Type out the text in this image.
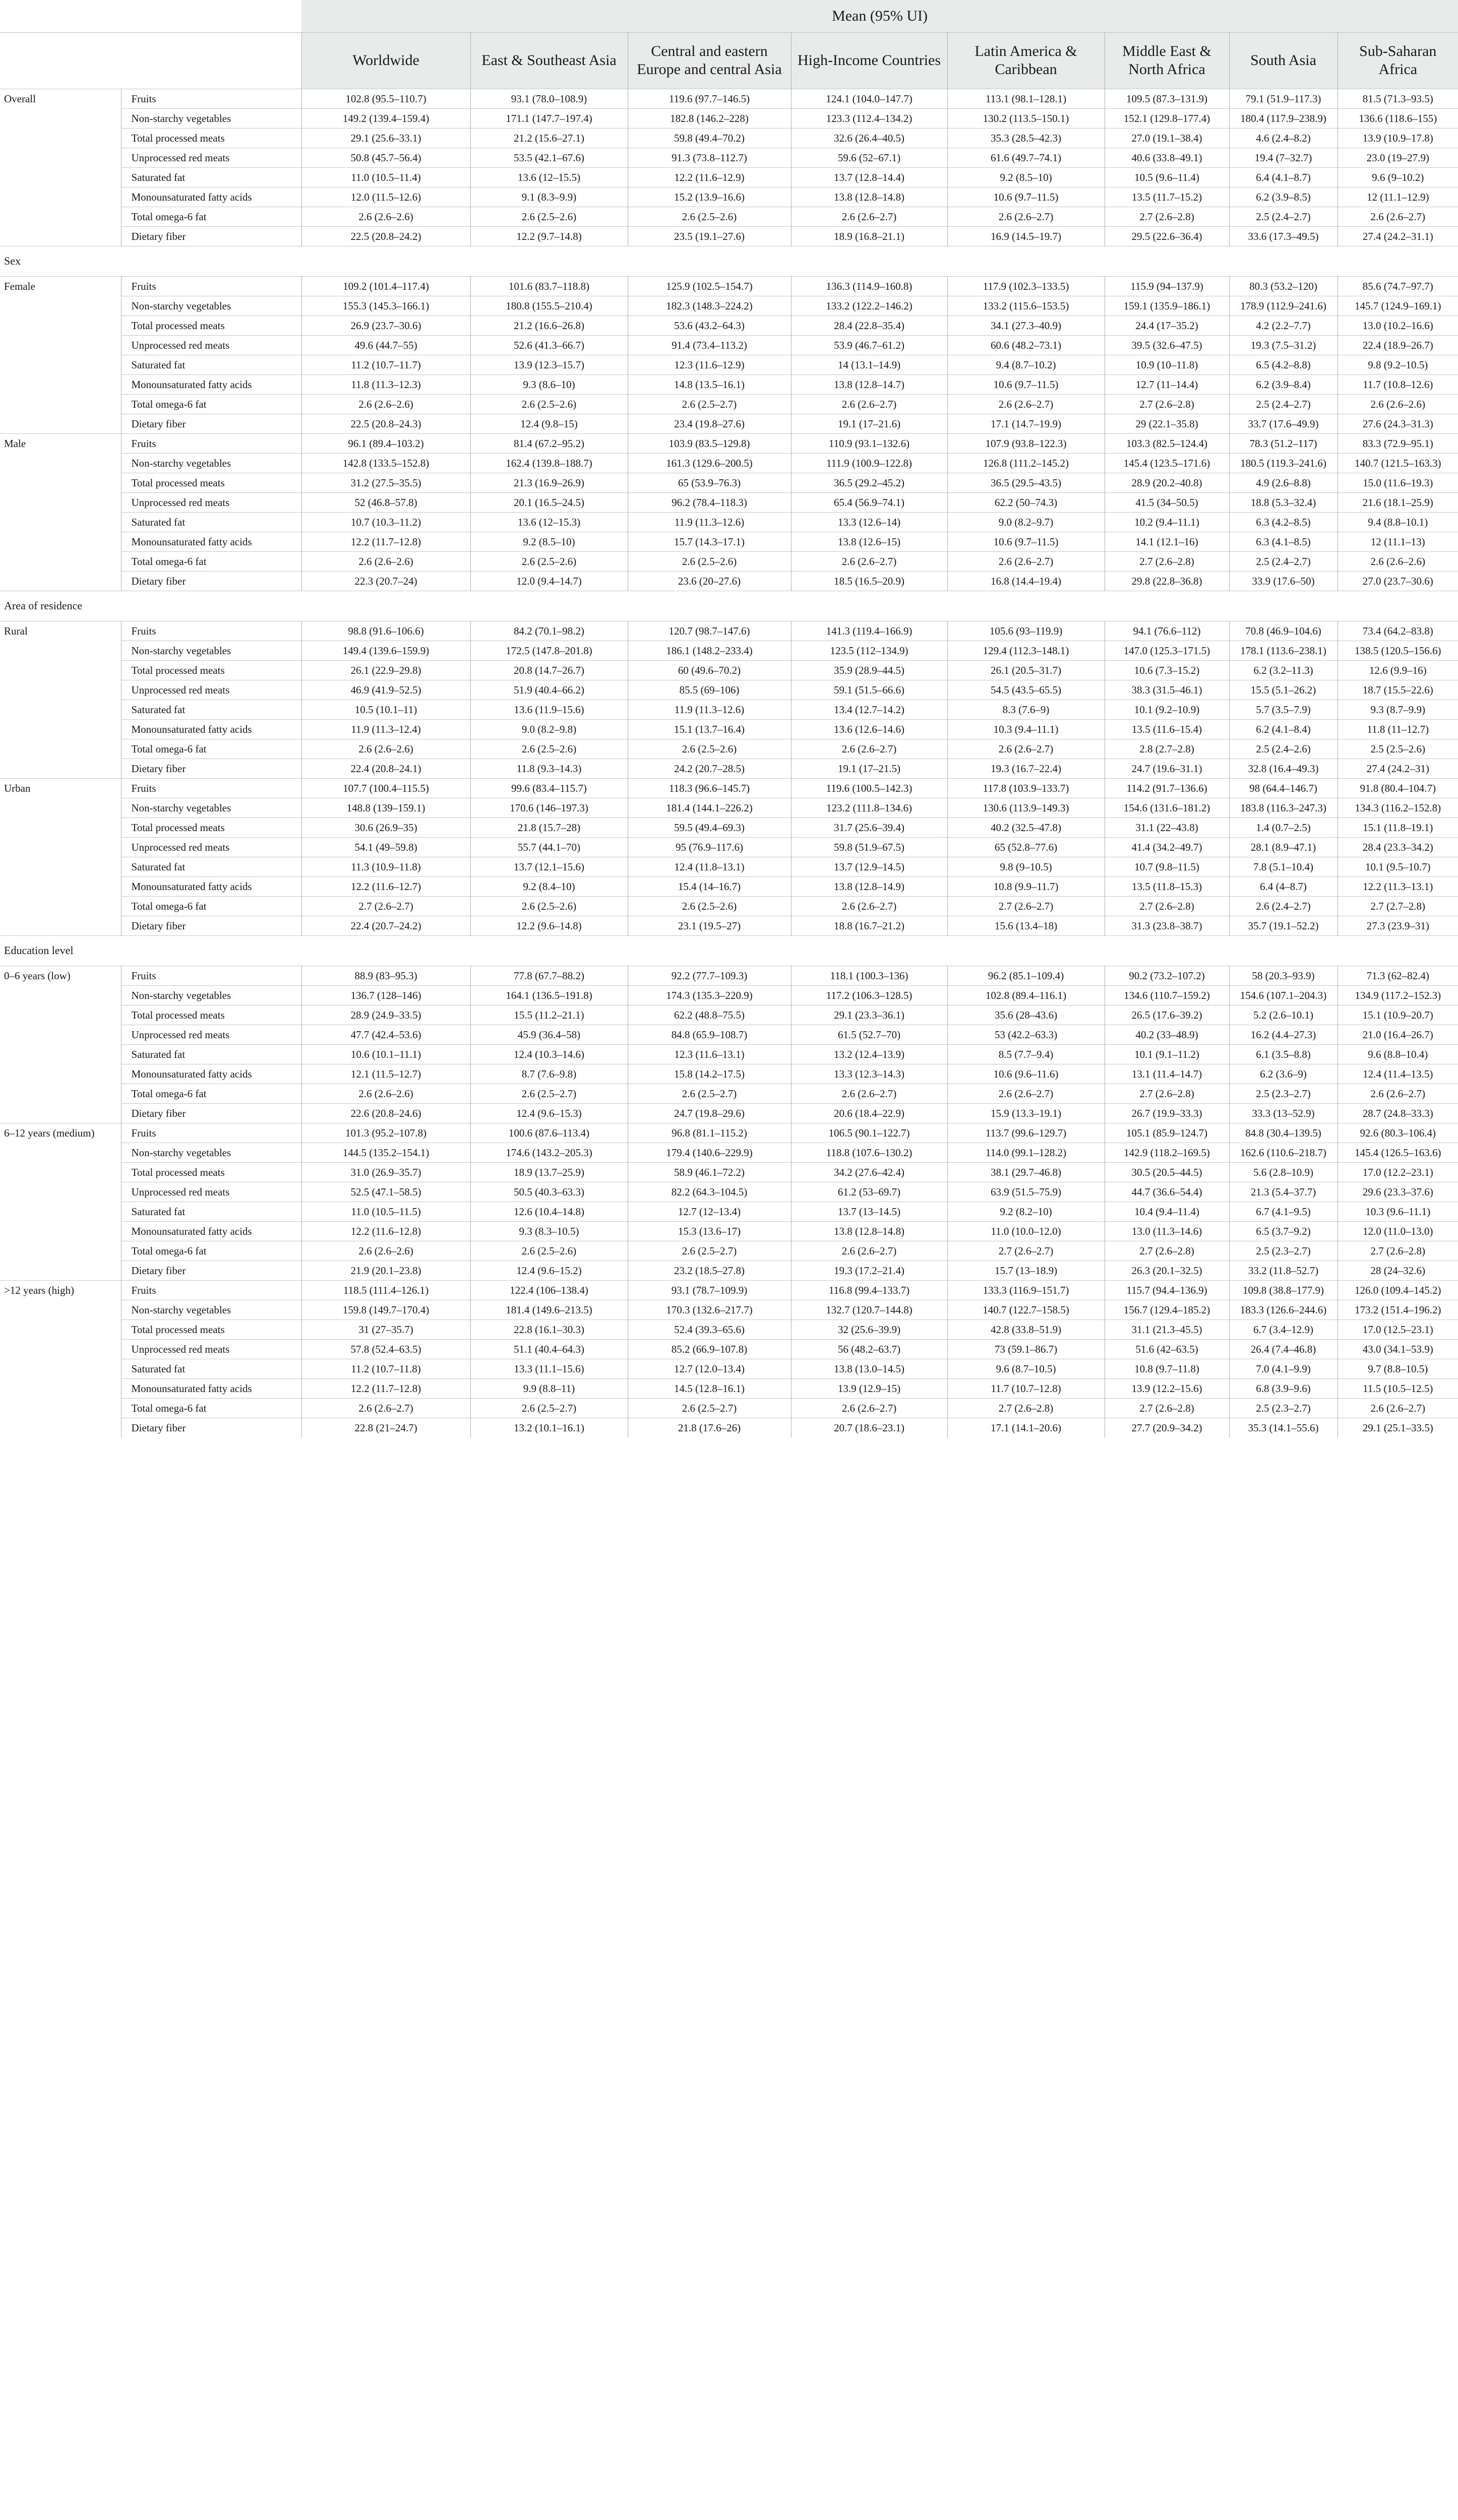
		Mean (95% UI)							
		Worldwide	East & Southeast Asia	Central and eastern Europe and central Asia	High-Income Countries	Latin America & Caribbean	Middle East & North Africa	South Asia	Sub-Saharan Africa
Overall	Fruits	102.8 (95.5–110.7)	93.1 (78.0–108.9)	119.6 (97.7–146.5)	124.1 (104.0–147.7)	113.1 (98.1–128.1)	109.5 (87.3–131.9)	79.1 (51.9–117.3)	81.5 (71.3–93.5)
	Non-starchy vegetables	149.2 (139.4–159.4)	171.1 (147.7–197.4)	182.8 (146.2–228)	123.3 (112.4–134.2)	130.2 (113.5–150.1)	152.1 (129.8–177.4)	180.4 (117.9–238.9)	136.6 (118.6–155)
	Total processed meats	29.1 (25.6–33.1)	21.2 (15.6–27.1)	59.8 (49.4–70.2)	32.6 (26.4–40.5)	35.3 (28.5–42.3)	27.0 (19.1–38.4)	4.6 (2.4–8.2)	13.9 (10.9–17.8)
	Unprocessed red meats	50.8 (45.7–56.4)	53.5 (42.1–67.6)	91.3 (73.8–112.7)	59.6 (52–67.1)	61.6 (49.7–74.1)	40.6 (33.8–49.1)	19.4 (7–32.7)	23.0 (19–27.9)
	Saturated fat	11.0 (10.5–11.4)	13.6 (12–15.5)	12.2 (11.6–12.9)	13.7 (12.8–14.4)	9.2 (8.5–10)	10.5 (9.6–11.4)	6.4 (4.1–8.7)	9.6 (9–10.2)
	Monounsaturated fatty acids	12.0 (11.5–12.6)	9.1 (8.3–9.9)	15.2 (13.9–16.6)	13.8 (12.8–14.8)	10.6 (9.7–11.5)	13.5 (11.7–15.2)	6.2 (3.9–8.5)	12 (11.1–12.9)
	Total omega-6 fat	2.6 (2.6–2.6)	2.6 (2.5–2.6)	2.6 (2.5–2.6)	2.6 (2.6–2.7)	2.6 (2.6–2.7)	2.7 (2.6–2.8)	2.5 (2.4–2.7)	2.6 (2.6–2.7)
	Dietary fiber	22.5 (20.8–24.2)	12.2 (9.7–14.8)	23.5 (19.1–27.6)	18.9 (16.8–21.1)	16.9 (14.5–19.7)	29.5 (22.6–36.4)	33.6 (17.3–49.5)	27.4 (24.2–31.1)
Sex									
Female	Fruits	109.2 (101.4–117.4)	101.6 (83.7–118.8)	125.9 (102.5–154.7)	136.3 (114.9–160.8)	117.9 (102.3–133.5)	115.9 (94–137.9)	80.3 (53.2–120)	85.6 (74.7–97.7)
	Non-starchy vegetables	155.3 (145.3–166.1)	180.8 (155.5–210.4)	182.3 (148.3–224.2)	133.2 (122.2–146.2)	133.2 (115.6–153.5)	159.1 (135.9–186.1)	178.9 (112.9–241.6)	145.7 (124.9–169.1)
	Total processed meats	26.9 (23.7–30.6)	21.2 (16.6–26.8)	53.6 (43.2–64.3)	28.4 (22.8–35.4)	34.1 (27.3–40.9)	24.4 (17–35.2)	4.2 (2.2–7.7)	13.0 (10.2–16.6)
	Unprocessed red meats	49.6 (44.7–55)	52.6 (41.3–66.7)	91.4 (73.4–113.2)	53.9 (46.7–61.2)	60.6 (48.2–73.1)	39.5 (32.6–47.5)	19.3 (7.5–31.2)	22.4 (18.9–26.7)
	Saturated fat	11.2 (10.7–11.7)	13.9 (12.3–15.7)	12.3 (11.6–12.9)	14 (13.1–14.9)	9.4 (8.7–10.2)	10.9 (10–11.8)	6.5 (4.2–8.8)	9.8 (9.2–10.5)
	Monounsaturated fatty acids	11.8 (11.3–12.3)	9.3 (8.6–10)	14.8 (13.5–16.1)	13.8 (12.8–14.7)	10.6 (9.7–11.5)	12.7 (11–14.4)	6.2 (3.9–8.4)	11.7 (10.8–12.6)
	Total omega-6 fat	2.6 (2.6–2.6)	2.6 (2.5–2.6)	2.6 (2.5–2.7)	2.6 (2.6–2.7)	2.6 (2.6–2.7)	2.7 (2.6–2.8)	2.5 (2.4–2.7)	2.6 (2.6–2.6)
	Dietary fiber	22.5 (20.8–24.3)	12.4 (9.8–15)	23.4 (19.8–27.6)	19.1 (17–21.6)	17.1 (14.7–19.9)	29 (22.1–35.8)	33.7 (17.6–49.9)	27.6 (24.3–31.3)
Male	Fruits	96.1 (89.4–103.2)	81.4 (67.2–95.2)	103.9 (83.5–129.8)	110.9 (93.1–132.6)	107.9 (93.8–122.3)	103.3 (82.5–124.4)	78.3 (51.2–117)	83.3 (72.9–95.1)
	Non-starchy vegetables	142.8 (133.5–152.8)	162.4 (139.8–188.7)	161.3 (129.6–200.5)	111.9 (100.9–122.8)	126.8 (111.2–145.2)	145.4 (123.5–171.6)	180.5 (119.3–241.6)	140.7 (121.5–163.3)
	Total processed meats	31.2 (27.5–35.5)	21.3 (16.9–26.9)	65 (53.9–76.3)	36.5 (29.2–45.2)	36.5 (29.5–43.5)	28.9 (20.2–40.8)	4.9 (2.6–8.8)	15.0 (11.6–19.3)
	Unprocessed red meats	52 (46.8–57.8)	20.1 (16.5–24.5)	96.2 (78.4–118.3)	65.4 (56.9–74.1)	62.2 (50–74.3)	41.5 (34–50.5)	18.8 (5.3–32.4)	21.6 (18.1–25.9)
	Saturated fat	10.7 (10.3–11.2)	13.6 (12–15.3)	11.9 (11.3–12.6)	13.3 (12.6–14)	9.0 (8.2–9.7)	10.2 (9.4–11.1)	6.3 (4.2–8.5)	9.4 (8.8–10.1)
	Monounsaturated fatty acids	12.2 (11.7–12.8)	9.2 (8.5–10)	15.7 (14.3–17.1)	13.8 (12.6–15)	10.6 (9.7–11.5)	14.1 (12.1–16)	6.3 (4.1–8.5)	12 (11.1–13)
	Total omega-6 fat	2.6 (2.6–2.6)	2.6 (2.5–2.6)	2.6 (2.5–2.6)	2.6 (2.6–2.7)	2.6 (2.6–2.7)	2.7 (2.6–2.8)	2.5 (2.4–2.7)	2.6 (2.6–2.6)
	Dietary fiber	22.3 (20.7–24)	12.0 (9.4–14.7)	23.6 (20–27.6)	18.5 (16.5–20.9)	16.8 (14.4–19.4)	29.8 (22.8–36.8)	33.9 (17.6–50)	27.0 (23.7–30.6)
Area of residence									
Rural	Fruits	98.8 (91.6–106.6)	84.2 (70.1–98.2)	120.7 (98.7–147.6)	141.3 (119.4–166.9)	105.6 (93–119.9)	94.1 (76.6–112)	70.8 (46.9–104.6)	73.4 (64.2–83.8)
	Non-starchy vegetables	149.4 (139.6–159.9)	172.5 (147.8–201.8)	186.1 (148.2–233.4)	123.5 (112–134.9)	129.4 (112.3–148.1)	147.0 (125.3–171.5)	178.1 (113.6–238.1)	138.5 (120.5–156.6)
	Total processed meats	26.1 (22.9–29.8)	20.8 (14.7–26.7)	60 (49.6–70.2)	35.9 (28.9–44.5)	26.1 (20.5–31.7)	10.6 (7.3–15.2)	6.2 (3.2–11.3)	12.6 (9.9–16)
	Unprocessed red meats	46.9 (41.9–52.5)	51.9 (40.4–66.2)	85.5 (69–106)	59.1 (51.5–66.6)	54.5 (43.5–65.5)	38.3 (31.5–46.1)	15.5 (5.1–26.2)	18.7 (15.5–22.6)
	Saturated fat	10.5 (10.1–11)	13.6 (11.9–15.6)	11.9 (11.3–12.6)	13.4 (12.7–14.2)	8.3 (7.6–9)	10.1 (9.2–10.9)	5.7 (3.5–7.9)	9.3 (8.7–9.9)
	Monounsaturated fatty acids	11.9 (11.3–12.4)	9.0 (8.2–9.8)	15.1 (13.7–16.4)	13.6 (12.6–14.6)	10.3 (9.4–11.1)	13.5 (11.6–15.4)	6.2 (4.1–8.4)	11.8 (11–12.7)
	Total omega-6 fat	2.6 (2.6–2.6)	2.6 (2.5–2.6)	2.6 (2.5–2.6)	2.6 (2.6–2.7)	2.6 (2.6–2.7)	2.8 (2.7–2.8)	2.5 (2.4–2.6)	2.5 (2.5–2.6)
	Dietary fiber	22.4 (20.8–24.1)	11.8 (9.3–14.3)	24.2 (20.7–28.5)	19.1 (17–21.5)	19.3 (16.7–22.4)	24.7 (19.6–31.1)	32.8 (16.4–49.3)	27.4 (24.2–31)
Urban	Fruits	107.7 (100.4–115.5)	99.6 (83.4–115.7)	118.3 (96.6–145.7)	119.6 (100.5–142.3)	117.8 (103.9–133.7)	114.2 (91.7–136.6)	98 (64.4–146.7)	91.8 (80.4–104.7)
	Non-starchy vegetables	148.8 (139–159.1)	170.6 (146–197.3)	181.4 (144.1–226.2)	123.2 (111.8–134.6)	130.6 (113.9–149.3)	154.6 (131.6–181.2)	183.8 (116.3–247.3)	134.3 (116.2–152.8)
	Total processed meats	30.6 (26.9–35)	21.8 (15.7–28)	59.5 (49.4–69.3)	31.7 (25.6–39.4)	40.2 (32.5–47.8)	31.1 (22–43.8)	1.4 (0.7–2.5)	15.1 (11.8–19.1)
	Unprocessed red meats	54.1 (49–59.8)	55.7 (44.1–70)	95 (76.9–117.6)	59.8 (51.9–67.5)	65 (52.8–77.6)	41.4 (34.2–49.7)	28.1 (8.9–47.1)	28.4 (23.3–34.2)
	Saturated fat	11.3 (10.9–11.8)	13.7 (12.1–15.6)	12.4 (11.8–13.1)	13.7 (12.9–14.5)	9.8 (9–10.5)	10.7 (9.8–11.5)	7.8 (5.1–10.4)	10.1 (9.5–10.7)
	Monounsaturated fatty acids	12.2 (11.6–12.7)	9.2 (8.4–10)	15.4 (14–16.7)	13.8 (12.8–14.9)	10.8 (9.9–11.7)	13.5 (11.8–15.3)	6.4 (4–8.7)	12.2 (11.3–13.1)
	Total omega-6 fat	2.7 (2.6–2.7)	2.6 (2.5–2.6)	2.6 (2.5–2.6)	2.6 (2.6–2.7)	2.7 (2.6–2.7)	2.7 (2.6–2.8)	2.6 (2.4–2.7)	2.7 (2.7–2.8)
	Dietary fiber	22.4 (20.7–24.2)	12.2 (9.6–14.8)	23.1 (19.5–27)	18.8 (16.7–21.2)	15.6 (13.4–18)	31.3 (23.8–38.7)	35.7 (19.1–52.2)	27.3 (23.9–31)
Education level									
0–6 years (low)	Fruits	88.9 (83–95.3)	77.8 (67.7–88.2)	92.2 (77.7–109.3)	118.1 (100.3–136)	96.2 (85.1–109.4)	90.2 (73.2–107.2)	58 (20.3–93.9)	71.3 (62–82.4)
	Non-starchy vegetables	136.7 (128–146)	164.1 (136.5–191.8)	174.3 (135.3–220.9)	117.2 (106.3–128.5)	102.8 (89.4–116.1)	134.6 (110.7–159.2)	154.6 (107.1–204.3)	134.9 (117.2–152.3)
	Total processed meats	28.9 (24.9–33.5)	15.5 (11.2–21.1)	62.2 (48.8–75.5)	29.1 (23.3–36.1)	35.6 (28–43.6)	26.5 (17.6–39.2)	5.2 (2.6–10.1)	15.1 (10.9–20.7)
	Unprocessed red meats	47.7 (42.4–53.6)	45.9 (36.4–58)	84.8 (65.9–108.7)	61.5 (52.7–70)	53 (42.2–63.3)	40.2 (33–48.9)	16.2 (4.4–27.3)	21.0 (16.4–26.7)
	Saturated fat	10.6 (10.1–11.1)	12.4 (10.3–14.6)	12.3 (11.6–13.1)	13.2 (12.4–13.9)	8.5 (7.7–9.4)	10.1 (9.1–11.2)	6.1 (3.5–8.8)	9.6 (8.8–10.4)
	Monounsaturated fatty acids	12.1 (11.5–12.7)	8.7 (7.6–9.8)	15.8 (14.2–17.5)	13.3 (12.3–14.3)	10.6 (9.6–11.6)	13.1 (11.4–14.7)	6.2 (3.6–9)	12.4 (11.4–13.5)
	Total omega-6 fat	2.6 (2.6–2.6)	2.6 (2.5–2.7)	2.6 (2.5–2.7)	2.6 (2.6–2.7)	2.6 (2.6–2.7)	2.7 (2.6–2.8)	2.5 (2.3–2.7)	2.6 (2.6–2.7)
	Dietary fiber	22.6 (20.8–24.6)	12.4 (9.6–15.3)	24.7 (19.8–29.6)	20.6 (18.4–22.9)	15.9 (13.3–19.1)	26.7 (19.9–33.3)	33.3 (13–52.9)	28.7 (24.8–33.3)
6–12 years (medium)	Fruits	101.3 (95.2–107.8)	100.6 (87.6–113.4)	96.8 (81.1–115.2)	106.5 (90.1–122.7)	113.7 (99.6–129.7)	105.1 (85.9–124.7)	84.8 (30.4–139.5)	92.6 (80.3–106.4)
	Non-starchy vegetables	144.5 (135.2–154.1)	174.6 (143.2–205.3)	179.4 (140.6–229.9)	118.8 (107.6–130.2)	114.0 (99.1–128.2)	142.9 (118.2–169.5)	162.6 (110.6–218.7)	145.4 (126.5–163.6)
	Total processed meats	31.0 (26.9–35.7)	18.9 (13.7–25.9)	58.9 (46.1–72.2)	34.2 (27.6–42.4)	38.1 (29.7–46.8)	30.5 (20.5–44.5)	5.6 (2.8–10.9)	17.0 (12.2–23.1)
	Unprocessed red meats	52.5 (47.1–58.5)	50.5 (40.3–63.3)	82.2 (64.3–104.5)	61.2 (53–69.7)	63.9 (51.5–75.9)	44.7 (36.6–54.4)	21.3 (5.4–37.7)	29.6 (23.3–37.6)
	Saturated fat	11.0 (10.5–11.5)	12.6 (10.4–14.8)	12.7 (12–13.4)	13.7 (13–14.5)	9.2 (8.2–10)	10.4 (9.4–11.4)	6.7 (4.1–9.5)	10.3 (9.6–11.1)
	Monounsaturated fatty acids	12.2 (11.6–12.8)	9.3 (8.3–10.5)	15.3 (13.6–17)	13.8 (12.8–14.8)	11.0 (10.0–12.0)	13.0 (11.3–14.6)	6.5 (3.7–9.2)	12.0 (11.0–13.0)
	Total omega-6 fat	2.6 (2.6–2.6)	2.6 (2.5–2.6)	2.6 (2.5–2.7)	2.6 (2.6–2.7)	2.7 (2.6–2.7)	2.7 (2.6–2.8)	2.5 (2.3–2.7)	2.7 (2.6–2.8)
	Dietary fiber	21.9 (20.1–23.8)	12.4 (9.6–15.2)	23.2 (18.5–27.8)	19.3 (17.2–21.4)	15.7 (13–18.9)	26.3 (20.1–32.5)	33.2 (11.8–52.7)	28 (24–32.6)
>12 years (high)	Fruits	118.5 (111.4–126.1)	122.4 (106–138.4)	93.1 (78.7–109.9)	116.8 (99.4–133.7)	133.3 (116.9–151.7)	115.7 (94.4–136.9)	109.8 (38.8–177.9)	126.0 (109.4–145.2)
	Non-starchy vegetables	159.8 (149.7–170.4)	181.4 (149.6–213.5)	170.3 (132.6–217.7)	132.7 (120.7–144.8)	140.7 (122.7–158.5)	156.7 (129.4–185.2)	183.3 (126.6–244.6)	173.2 (151.4–196.2)
	Total processed meats	31 (27–35.7)	22.8 (16.1–30.3)	52.4 (39.3–65.6)	32 (25.6–39.9)	42.8 (33.8–51.9)	31.1 (21.3–45.5)	6.7 (3.4–12.9)	17.0 (12.5–23.1)
	Unprocessed red meats	57.8 (52.4–63.5)	51.1 (40.4–64.3)	85.2 (66.9–107.8)	56 (48.2–63.7)	73 (59.1–86.7)	51.6 (42–63.5)	26.4 (7.4–46.8)	43.0 (34.1–53.9)
	Saturated fat	11.2 (10.7–11.8)	13.3 (11.1–15.6)	12.7 (12.0–13.4)	13.8 (13.0–14.5)	9.6 (8.7–10.5)	10.8 (9.7–11.8)	7.0 (4.1–9.9)	9.7 (8.8–10.5)
	Monounsaturated fatty acids	12.2 (11.7–12.8)	9.9 (8.8–11)	14.5 (12.8–16.1)	13.9 (12.9–15)	11.7 (10.7–12.8)	13.9 (12.2–15.6)	6.8 (3.9–9.6)	11.5 (10.5–12.5)
	Total omega-6 fat	2.6 (2.6–2.7)	2.6 (2.5–2.7)	2.6 (2.5–2.7)	2.6 (2.6–2.7)	2.7 (2.6–2.8)	2.7 (2.6–2.8)	2.5 (2.3–2.7)	2.6 (2.6–2.7)
	Dietary fiber	22.8 (21–24.7)	13.2 (10.1–16.1)	21.8 (17.6–26)	20.7 (18.6–23.1)	17.1 (14.1–20.6)	27.7 (20.9–34.2)	35.3 (14.1–55.6)	29.1 (25.1–33.5)
